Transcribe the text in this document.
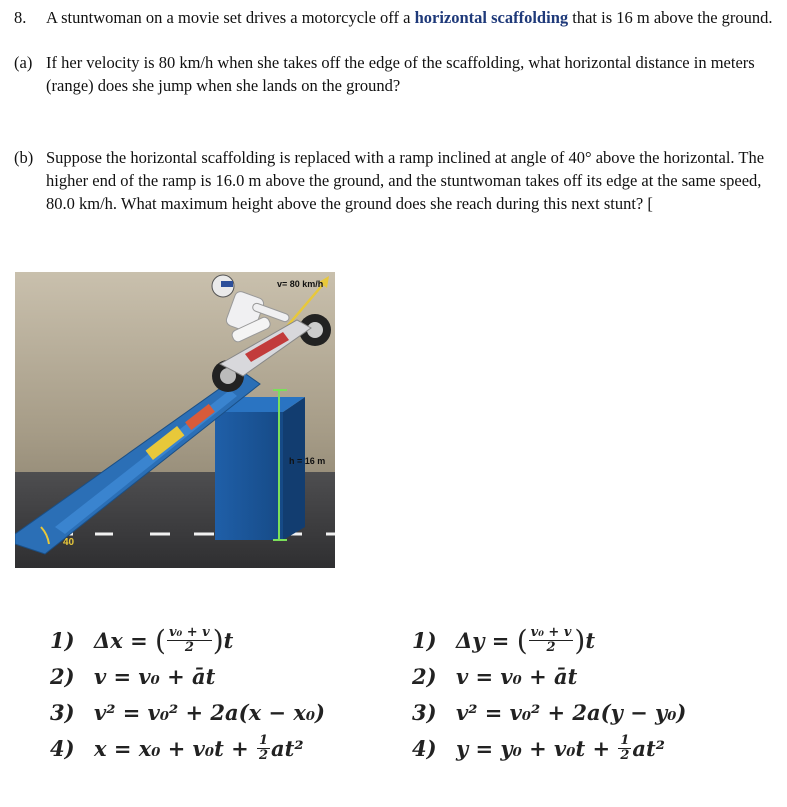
8. A stuntwoman on a movie set drives a motorcycle off a horizontal scaffolding that is 16 m above the ground.
(a) If her velocity is 80 km/h when she takes off the edge of the scaffolding, what horizontal distance in meters (range) does she jump when she lands on the ground?
(b) Suppose the horizontal scaffolding is replaced with a ramp inclined at angle of 40° above the horizontal. The higher end of the ramp is 16.0 m above the ground, and the stuntwoman takes off its edge at the same speed, 80.0 km/h. What maximum height above the ground does she reach during this next stunt? [
40
h = 16 m
v= 80 km/h
1) Δx =
( $\frac{\text{v₀ + v}}{2}$ ) t
2) v = v₀ + āt
3) v² = v₀² + 2a(x − x₀)
4) x = x₀ + v₀t +
$\frac{1}{2} at^2$
1) Δy =
( $\frac{\text{v₀ + v}}{2}$ ) t
2) v = v₀ + āt
3) v² = v₀² + 2a(y − y₀)
4) y = y₀ + v₀t +
$\frac{1}{2} at^2$
